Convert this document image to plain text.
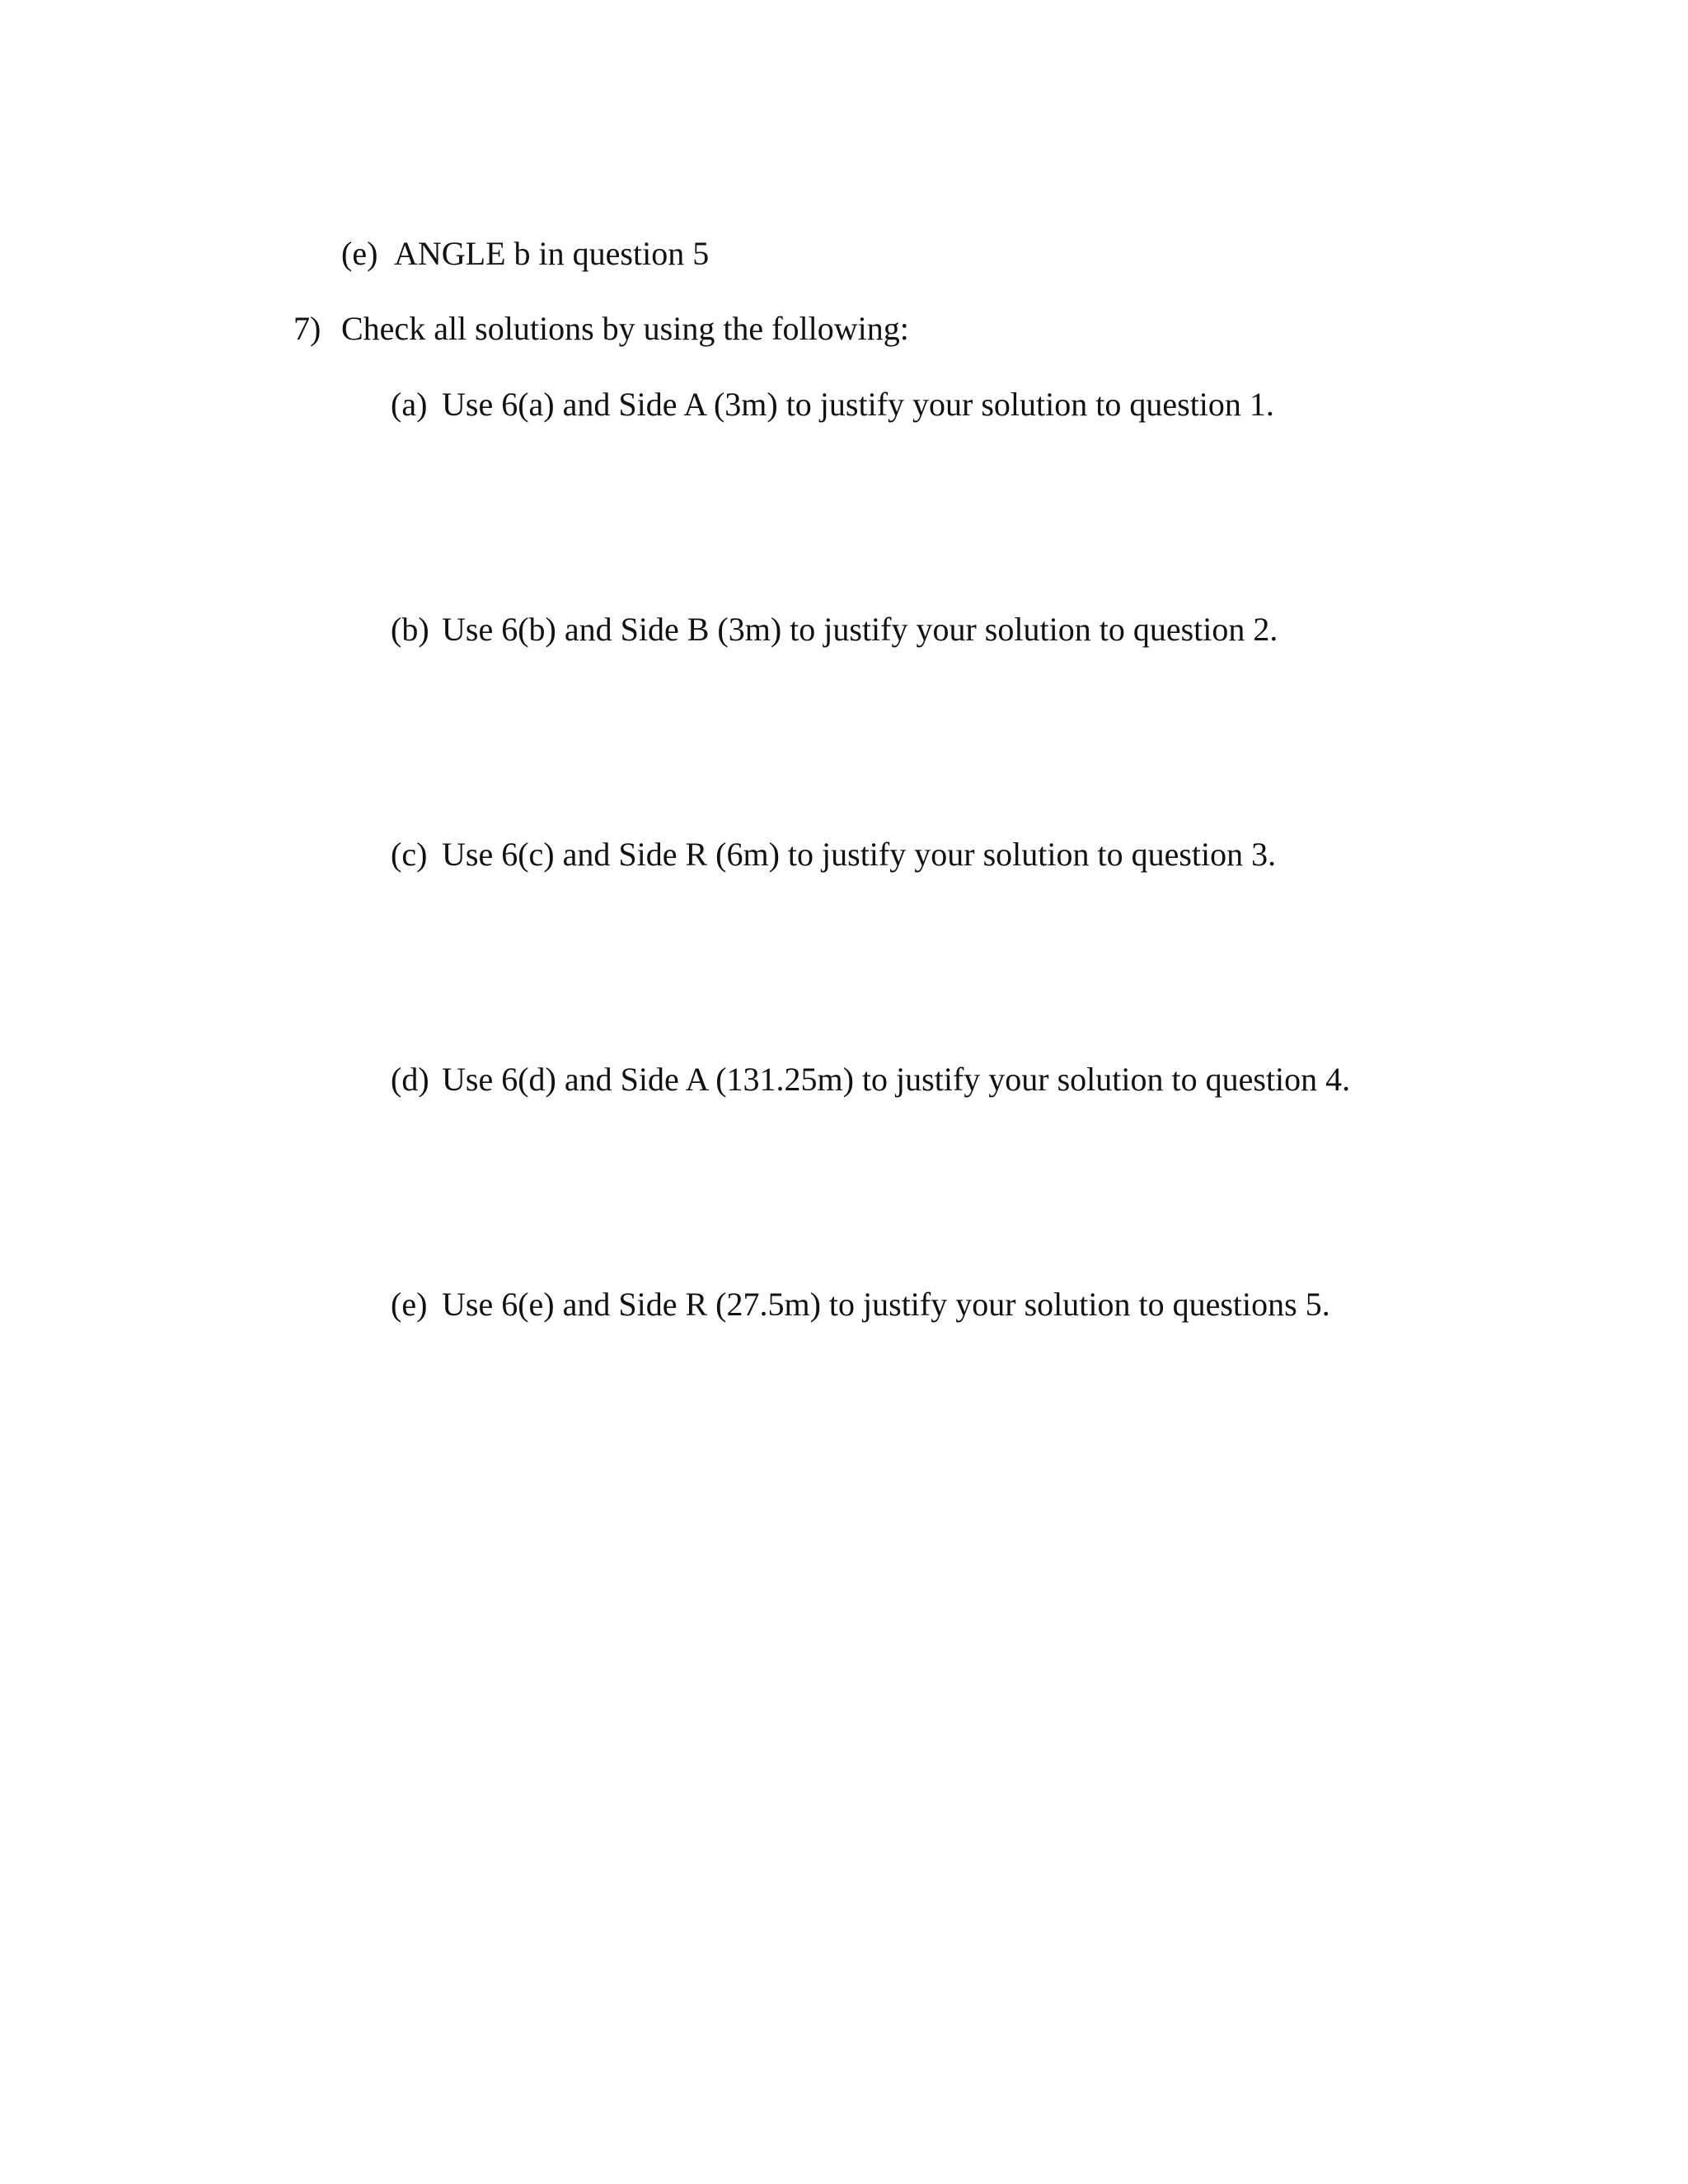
(e) ANGLE b in question 5
7) Check all solutions by using the following:
(a) Use 6(a) and Side A (3m) to justify your solution to question 1.
(b) Use 6(b) and Side B (3m) to justify your solution to question 2.
(c) Use 6(c) and Side R (6m) to justify your solution to question 3.
(d) Use 6(d) and Side A (131.25m) to justify your solution to question 4.
(e) Use 6(e) and Side R (27.5m) to justify your solution to questions 5.
